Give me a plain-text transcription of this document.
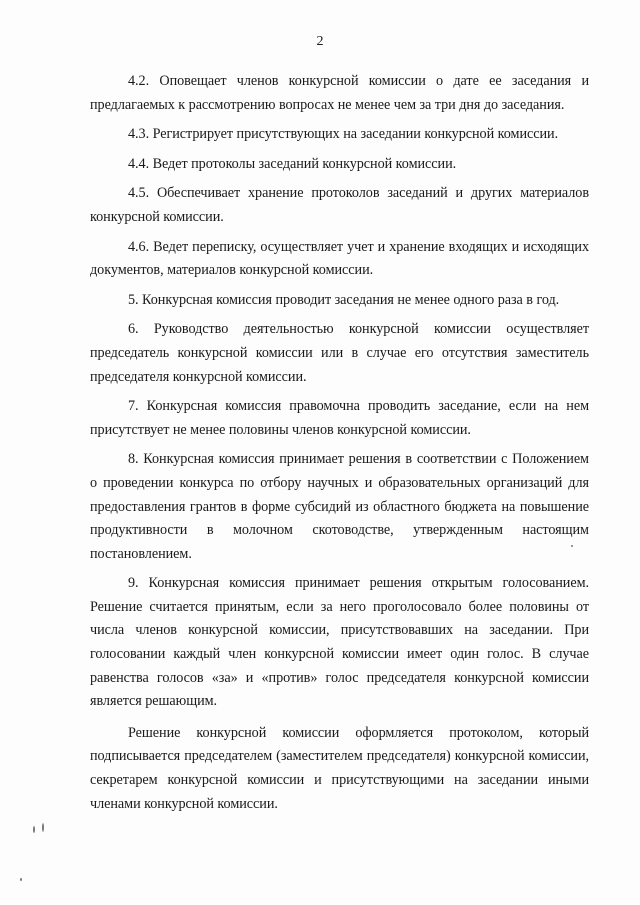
2

4.2. Оповещает членов конкурсной комиссии о дате ее заседания и предлагаемых к рассмотрению вопросах не менее чем за три дня до заседания.

4.3. Регистрирует присутствующих на заседании конкурсной комиссии.

4.4. Ведет протоколы заседаний конкурсной комиссии.

4.5. Обеспечивает хранение протоколов заседаний и других материалов конкурсной комиссии.

4.6. Ведет переписку, осуществляет учет и хранение входящих и исходящих документов, материалов конкурсной комиссии.

5. Конкурсная комиссия проводит заседания не менее одного раза в год.

6. Руководство деятельностью конкурсной комиссии осуществляет председатель конкурсной комиссии или в случае его отсутствия заместитель председателя конкурсной комиссии.

7. Конкурсная комиссия правомочна проводить заседание, если на нем присутствует не менее половины членов конкурсной комиссии.

8. Конкурсная комиссия принимает решения в соответствии с Положением о проведении конкурса по отбору научных и образовательных организаций для предоставления грантов в форме субсидий из областного бюджета на повышение продуктивности в молочном скотоводстве, утвержденным настоящим постановлением.

9. Конкурсная комиссия принимает решения открытым голосованием. Решение считается принятым, если за него проголосовало более половины от числа членов конкурсной комиссии, присутствовавших на заседании. При голосовании каждый член конкурсной комиссии имеет один голос. В случае равенства голосов «за» и «против» голос председателя конкурсной комиссии является решающим.

Решение конкурсной комиссии оформляется протоколом, который подписывается председателем (заместителем председателя) конкурсной комиссии, секретарем конкурсной комиссии и присутствующими на заседании иными членами конкурсной комиссии.
